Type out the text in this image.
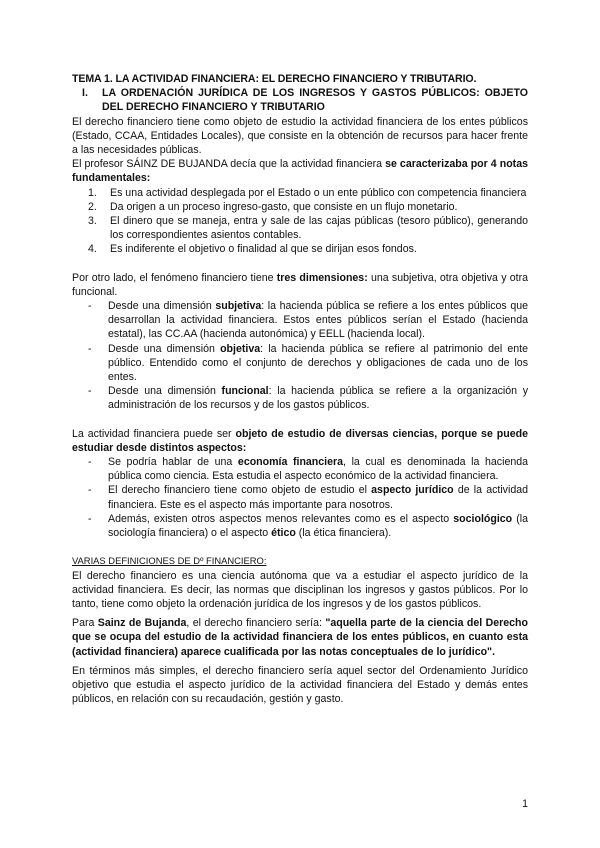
TEMA 1. LA ACTIVIDAD FINANCIERA: EL DERECHO FINANCIERO Y TRIBUTARIO.
I.	LA ORDENACIÓN JURÍDICA DE LOS INGRESOS Y GASTOS PÚBLICOS: OBJETO DEL DERECHO FINANCIERO Y TRIBUTARIO

El derecho financiero tiene como objeto de estudio la actividad financiera de los entes públicos (Estado, CCAA, Entidades Locales), que consiste en la obtención de recursos para hacer frente a las necesidades públicas.

El profesor SÁINZ DE BUJANDA decía que la actividad financiera se caracterizaba por 4 notas fundamentales:

1.	Es una actividad desplegada por el Estado o un ente público con competencia financiera
2.	Da origen a un proceso ingreso-gasto, que consiste en un flujo monetario.
3.	El dinero que se maneja, entra y sale de las cajas públicas (tesoro público), generando los correspondientes asientos contables.
4.	Es indiferente el objetivo o finalidad al que se dirijan esos fondos.

Por otro lado, el fenómeno financiero tiene tres dimensiones: una subjetiva, otra objetiva y otra funcional.

-	Desde una dimensión subjetiva: la hacienda pública se refiere a los entes públicos que desarrollan la actividad financiera. Estos entes públicos serían el Estado (hacienda estatal), las CC.AA (hacienda autonómica) y EELL (hacienda local).
-	Desde una dimensión objetiva: la hacienda pública se refiere al patrimonio del ente público. Entendido como el conjunto de derechos y obligaciones de cada uno de los entes.
-	Desde una dimensión funcional: la hacienda pública se refiere a la organización y administración de los recursos y de los gastos públicos.

La actividad financiera puede ser objeto de estudio de diversas ciencias, porque se puede estudiar desde distintos aspectos:

-	Se podría hablar de una economía financiera, la cual es denominada la hacienda pública como ciencia. Esta estudia el aspecto económico de la actividad financiera.
-	El derecho financiero tiene como objeto de estudio el aspecto jurídico de la actividad financiera. Este es el aspecto más importante para nosotros.
-	Además, existen otros aspectos menos relevantes como es el aspecto sociológico (la sociología financiera) o el aspecto ético (la ética financiera).
VARIAS DEFINICIONES DE Dº FINANCIERO:

El derecho financiero es una ciencia autónoma que va a estudiar el aspecto jurídico de la actividad financiera. Es decir, las normas que disciplinan los ingresos y gastos públicos. Por lo tanto, tiene como objeto la ordenación jurídica de los ingresos y de los gastos públicos.

Para Sainz de Bujanda, el derecho financiero sería: "aquella parte de la ciencia del Derecho que se ocupa del estudio de la actividad financiera de los entes públicos, en cuanto esta (actividad financiera) aparece cualificada por las notas conceptuales de lo jurídico".

En términos más simples, el derecho financiero sería aquel sector del Ordenamiento Jurídico objetivo que estudia el aspecto jurídico de la actividad financiera del Estado y demás entes públicos, en relación con su recaudación, gestión y gasto.

1
